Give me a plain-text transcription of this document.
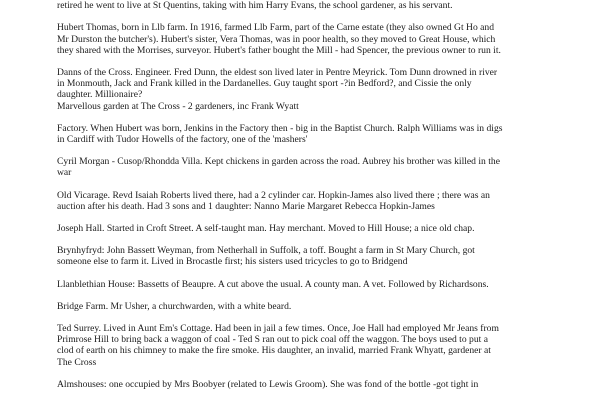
retired he went to live at St Quentins, taking with him Harry Evans, the school gardener, as his servant.

Hubert Thomas, born in Llb farm. In 1916, farmed Llb Farm, part of the Carne estate (they also owned Gt Ho and
Mr Durston the butcher's). Hubert's sister, Vera Thomas, was in poor health, so they moved to Great House, which
they shared with the Morrises, surveyor. Hubert's father bought the Mill - had Spencer, the previous owner to run it.

Danns of the Cross. Engineer. Fred Dunn, the eldest son lived later in Pentre Meyrick. Tom Dunn drowned in river
in Monmouth, Jack and Frank killed in the Dardanelles. Guy taught sport -?in Bedford?, and Cissie the only
daughter. Millionaire?
Marvellous garden at The Cross - 2 gardeners, inc Frank Wyatt

Factory. When Hubert was born, Jenkins in the Factory then - big in the Baptist Church. Ralph Williams was in digs
in Cardiff with Tudor Howells of the factory, one of the 'mashers'

Cyril Morgan - Cusop/Rhondda Villa. Kept chickens in garden across the road. Aubrey his brother was killed in the
war

Old Vicarage. Revd Isaiah Roberts lived there, had a 2 cylinder car. Hopkin-James also lived there ; there was an
auction after his death. Had 3 sons and 1 daughter: Nanno Marie Margaret Rebecca Hopkin-James

Joseph Hall. Started in Croft Street. A self-taught man. Hay merchant. Moved to Hill House; a nice old chap.

Brynhyfryd: John Bassett Weyman, from Netherhall in Suffolk, a toff. Bought a farm in St Mary Church, got
someone else to farm it. Lived in Brocastle first; his sisters used tricycles to go to Bridgend

Llanblethian House: Bassetts of Beaupre. A cut above the usual. A county man. A vet. Followed by Richardsons.

Bridge Farm. Mr Usher, a churchwarden, with a white beard.

Ted Surrey. Lived in Aunt Em's Cottage. Had been in jail a few times. Once, Joe Hall had employed Mr Jeans from
Primrose Hill to bring back a waggon of coal - Ted S ran out to pick coal off the waggon. The boys used to put a
clod of earth on his chimney to make the fire smoke. His daughter, an invalid, married Frank Whyatt, gardener at
The Cross

Almshouses: one occupied by Mrs Boobyer (related to Lewis Groom). She was fond of the bottle -got tight in
